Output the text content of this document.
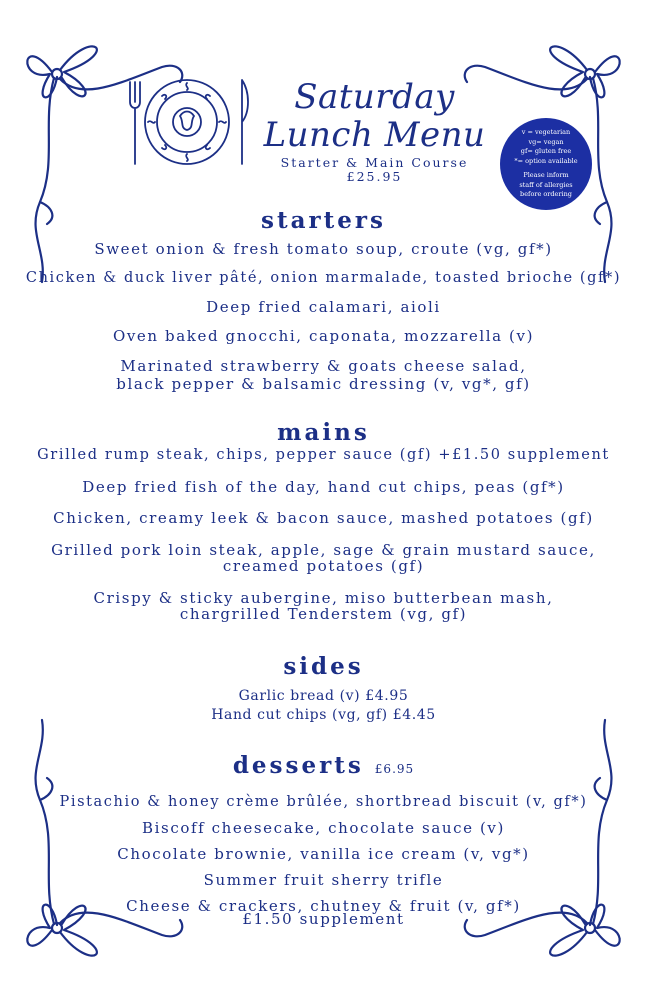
Saturday
Lunch Menu
Starter & Main Course
£25.95
v = vegetarian
vg= vegan
gf= gluten free
*= option available
Please inform
staff of allergies
before ordering
starters
Sweet onion & fresh tomato soup, croute (vg, gf*)
Chicken & duck liver pâté, onion marmalade, toasted brioche (gf*)
Deep fried calamari, aioli
Oven baked gnocchi, caponata, mozzarella (v)
Marinated strawberry & goats cheese salad,
black pepper & balsamic dressing (v, vg*, gf)
mains
Grilled rump steak, chips, pepper sauce (gf) +£1.50 supplement
Deep fried fish of the day, hand cut chips, peas (gf*)
Chicken, creamy leek & bacon sauce, mashed potatoes (gf)
Grilled pork loin steak, apple, sage & grain mustard sauce,
creamed potatoes (gf)
Crispy & sticky aubergine, miso butterbean mash,
chargrilled Tenderstem (vg, gf)
sides
Garlic bread (v) £4.95
Hand cut chips (vg, gf) £4.45
desserts £6.95
Pistachio & honey crème brûlée, shortbread biscuit (v, gf*)
Biscoff cheesecake, chocolate sauce (v)
Chocolate brownie, vanilla ice cream (v, vg*)
Summer fruit sherry trifle
Cheese & crackers, chutney & fruit (v, gf*)
£1.50 supplement
